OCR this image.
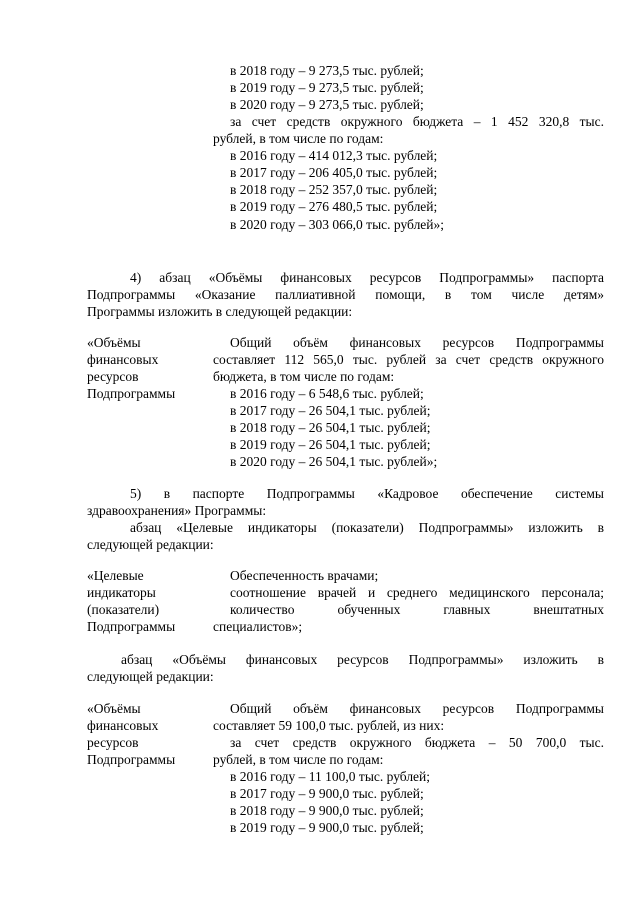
в 2018 году – 9 273,5 тыс. рублей;
в 2019 году – 9 273,5 тыс. рублей;
в 2020 году – 9 273,5 тыс. рублей;
за счет средств окружного бюджета – 1 452 320,8 тыс.
рублей, в том числе по годам:
в 2016 году – 414 012,3 тыс. рублей;
в 2017 году – 206 405,0 тыс. рублей;
в 2018 году – 252 357,0 тыс. рублей;
в 2019 году – 276 480,5 тыс. рублей;
в 2020 году – 303 066,0 тыс. рублей»;
4) абзац «Объёмы финансовых ресурсов Подпрограммы» паспорта
Подпрограммы «Оказание паллиативной помощи, в том числе детям»
Программы изложить в следующей редакции:
«Объёмы
финансовых
ресурсов
Подпрограммы
Общий объём финансовых ресурсов Подпрограммы
составляет 112 565,0 тыс. рублей за счет средств окружного
бюджета, в том числе по годам:
в 2016 году – 6 548,6 тыс. рублей;
в 2017 году – 26 504,1 тыс. рублей;
в 2018 году – 26 504,1 тыс. рублей;
в 2019 году – 26 504,1 тыс. рублей;
в 2020 году – 26 504,1 тыс. рублей»;
5) в паспорте Подпрограммы «Кадровое обеспечение системы
здравоохранения» Программы:
абзац «Целевые индикаторы (показатели) Подпрограммы» изложить в
следующей редакции:
«Целевые
индикаторы
(показатели)
Подпрограммы
Обеспеченность врачами;
соотношение врачей и среднего медицинского персонала;
количество обученных главных внештатных
специалистов»;
абзац «Объёмы финансовых ресурсов Подпрограммы» изложить в
следующей редакции:
«Объёмы
финансовых
ресурсов
Подпрограммы
Общий объём финансовых ресурсов Подпрограммы
составляет 59 100,0 тыс. рублей, из них:
за счет средств окружного бюджета – 50 700,0 тыс.
рублей, в том числе по годам:
в 2016 году – 11 100,0 тыс. рублей;
в 2017 году – 9 900,0 тыс. рублей;
в 2018 году – 9 900,0 тыс. рублей;
в 2019 году – 9 900,0 тыс. рублей;
